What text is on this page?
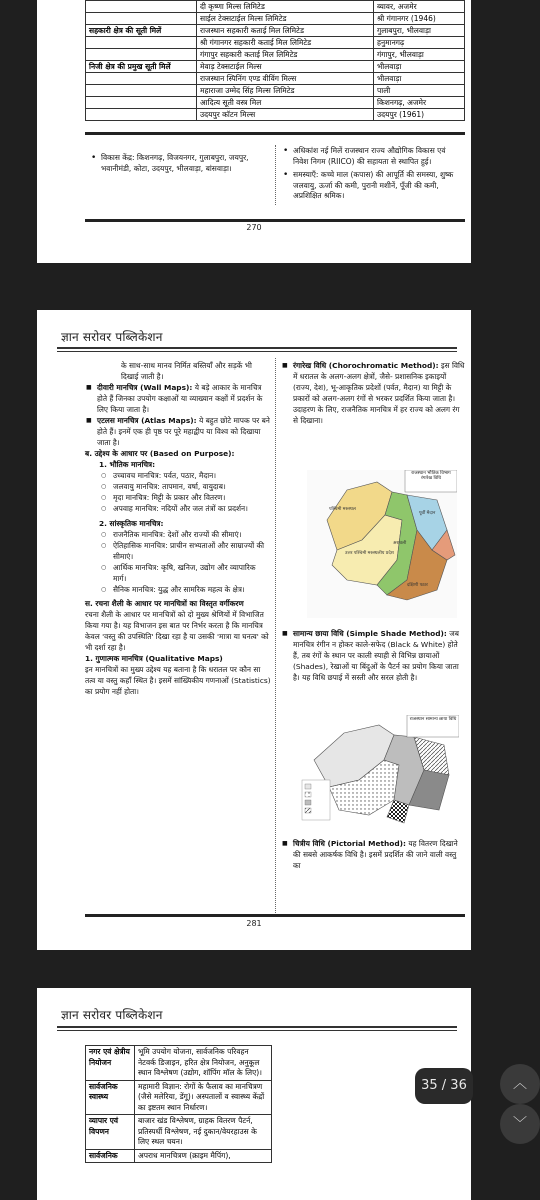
	दी कृष्णा मिल्स लिमिटेड	ब्यावर, अजमेर
	साईल टेक्सटाईल मिल्स लिमिटेड	श्री गंगानगर (1946)
सहकारी क्षेत्र की सूती मिलें	राजस्थान सहकारी कताई मिल लिमिटेड	गुलाबपुरा, भीलवाड़ा
	श्री गंगानगर सहकारी कताई मिल लिमिटेड	हनुमानगढ़
	गंगापुर सहकारी कताई मिल लिमिटेड	गंगापुर, भीलवाड़ा
निजी क्षेत्र की प्रमुख सूती मिलें	मेवाड़ टेक्सटाईल मिल्स	भीलवाड़ा
	राजस्थान स्पिनिंग एण्ड वीविंग मिल्स	भीलवाड़ा
	महाराजा उम्मेद सिंह मिल्स लिमिटेड	पाली
	आदित्य सूती वस्त्र मिल	किशनगढ़, अजमेर
	उदयपुर कॉटन मिल्स	उदयपुर (1961)
• विकास केंद्र: किशनगढ़, विजयनगर, गुलाबपुरा, जयपुर, भवानीमंडी, कोटा, उदयपुर, भीलवाड़ा, बांसवाड़ा।
• अधिकांश नई मिलें राजस्थान राज्य औद्योगिक विकास एवं निवेश निगम (RIICO) की सहायता से स्थापित हुई।
• समस्याएँ: कच्चे माल (कपास) की आपूर्ति की समस्या, शुष्क जलवायु, ऊर्जा की कमी, पुरानी मशीनें, पूँजी की कमी, अप्रशिक्षित श्रमिक।
270
ज्ञान सरोवर पब्लिकेशन
के साथ-साथ मानव निर्मित बस्तियाँ और सड़कें भी दिखाई जाती है।
■ दीवारी मानचित्र (Wall Maps): ये बड़े आकार के मानचित्र होते हैं जिनका उपयोग कक्षाओं या व्याख्यान कक्षों में प्रदर्शन के लिए किया जाता है।
■ एटलस मानचित्र (Atlas Maps): ये बहुत छोटे मापक पर बने होते हैं। इनमें एक ही पृष्ठ पर पूरे महाद्वीप या विश्व को दिखाया जाता है।
ब. उद्देश्य के आधार पर (Based on Purpose):
1. भौतिक मानचित्र:
○ उच्चावच मानचित्र: पर्वत, पठार, मैदान।
○ जलवायु मानचित्र: तापमान, वर्षा, वायुदाब।
○ मृदा मानचित्र: मिट्टी के प्रकार और वितरण।
○ अपवाह मानचित्र: नदियों और जल तंत्रों का प्रदर्शन।
2. सांस्कृतिक मानचित्र:
○ राजनैतिक मानचित्र: देशों और राज्यों की सीमाएं।
○ ऐतिहासिक मानचित्र: प्राचीन सभ्यताओं और साम्राज्यों की सीमाएं।
○ आर्थिक मानचित्र: कृषि, खनिज, उद्योग और व्यापारिक मार्ग।
○ सैनिक मानचित्र: युद्ध और सामरिक महत्व के क्षेत्र।
स. रचना शैली के आधार पर मानचित्रों का विस्तृत वर्गीकरण
रचना शैली के आधार पर मानचित्रों को दो मुख्य श्रेणियों में विभाजित किया गया है। यह विभाजन इस बात पर निर्भर करता है कि मानचित्र केवल 'वस्तु की उपस्थिति' दिखा रहा है या उसकी 'मात्रा या घनत्व' को भी दर्शा रहा है।
1. गुणात्मक मानचित्र (Qualitative Maps)
इन मानचित्रों का मुख्य उद्देश्य यह बताना है कि धरातल पर कौन सा तत्व या वस्तु कहाँ स्थित है। इसमें सांख्यिकीय गणनाओं (Statistics) का प्रयोग नहीं होता।
■ रंगारेख विधि (Chorochromatic Method): इस विधि में धरातल के अलग-अलग क्षेत्रों, जैसे- प्रशासनिक इकाइयों (राज्य, देश), भू-आकृतिक प्रदेशों (पर्वत, मैदान) या मिट्टी के प्रकारों को अलग-अलग रंगों से भरकर प्रदर्शित किया जाता है। उदाहरण के लिए, राजनैतिक मानचित्र में हर राज्य को अलग रंग से दिखाना।
राजस्थान भौतिक विभाग रंगारेख विधि
पश्चिमी मरुस्थल
उत्तर पश्चिमी मरुस्थलीय प्रदेश
अरावली
पूर्वी मैदान
दक्षिणी पठार
■ सामान्य छाया विधि (Simple Shade Method): जब मानचित्र रंगीन न होकर काले-सफेद (Black & White) होते हैं, तब रंगों के स्थान पर काली स्याही से विभिन्न छायाओं (Shades), रेखाओं या बिंदुओं के पैटर्न का प्रयोग किया जाता है। यह विधि छपाई में सस्ती और सरल होती है।
राजस्थान सामान्य छाया विधि
■ चित्रीय विधि (Pictorial Method): यह वितरण दिखाने की सबसे आकर्षक विधि है। इसमें प्रदर्शित की जाने वाली वस्तु का
281
ज्ञान सरोवर पब्लिकेशन
नगर एवं क्षेत्रीय नियोजन	भूमि उपयोग योजना, सार्वजनिक परिवहन नेटवर्क डिजाइन, हरित क्षेत्र नियोजन, अनुकूल स्थान विश्लेषण (उद्योग, शॉपिंग मॉल के लिए)।
सार्वजनिक स्वास्थ्य	महामारी विज्ञान: रोगों के फैलाव का मानचित्रण (जैसे मलेरिया, डेंगू)। अस्पतालों व स्वास्थ्य केंद्रों का इष्टतम स्थान निर्धारण।
व्यापार एवं विपणन	बाजार खंड विश्लेषण, ग्राहक वितरण पैटर्न, प्रतिस्पर्धी विश्लेषण, नई दुकान/वेयरहाउस के लिए स्थल चयन।
सार्वजनिक	अपराध मानचित्रण (क्राइम मैपिंग),
35 / 36	︿
﹀
